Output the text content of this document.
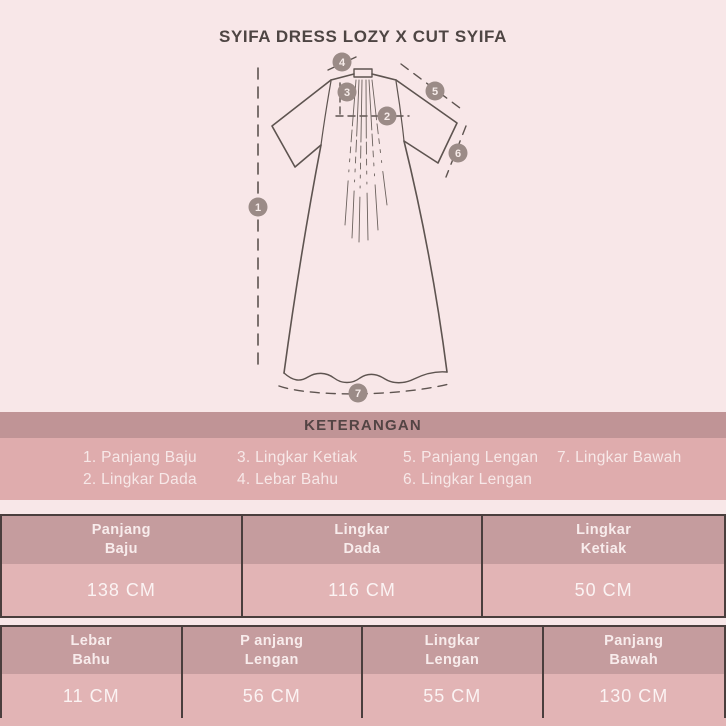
SYIFA DRESS LOZY X CUT SYIFA
1
2
3
4
5
6
7
KETERANGAN
1. Panjang Baju
2. Lingkar Dada
3. Lingkar Ketiak
4. Lebar Bahu
5. Panjang Lengan
6. Lingkar Lengan
7. Lingkar Bawah
Panjang
Baju
138 CM
Lingkar
Dada
116 CM
Lingkar
Ketiak
50 CM
Lebar
Bahu
11 CM
P anjang
Lengan
56 CM
Lingkar
Lengan
55 CM
Panjang
Bawah
130 CM
